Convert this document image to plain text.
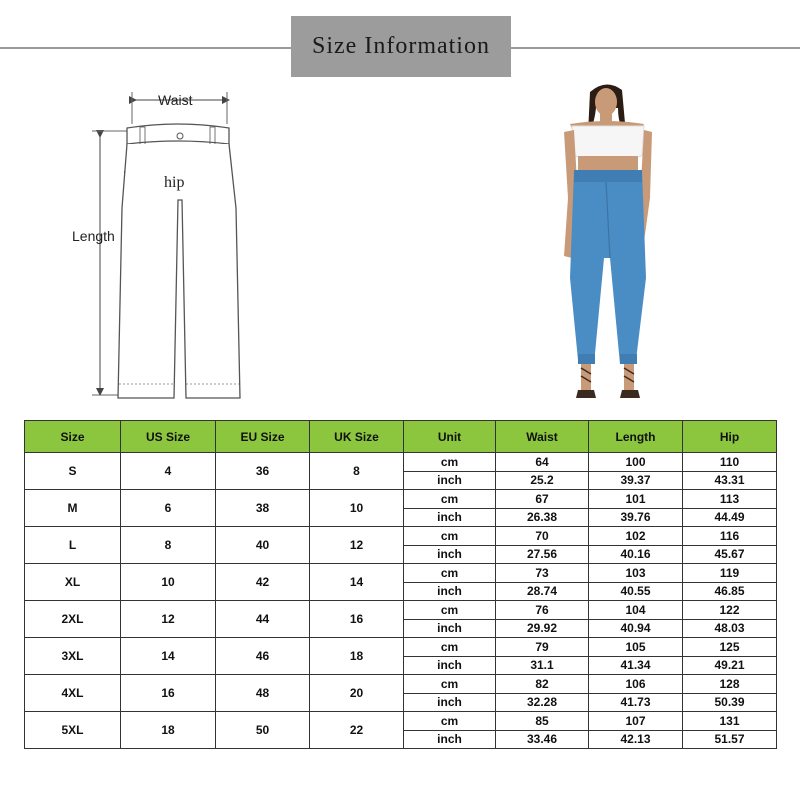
Size Information
Waist
hip
Length
Size	US Size	EU Size	UK Size	Unit	Waist	Length	Hip
S	4	36	8	cm	64	100	110
				inch	25.2	39.37	43.31
M	6	38	10	cm	67	101	113
				inch	26.38	39.76	44.49
L	8	40	12	cm	70	102	116
				inch	27.56	40.16	45.67
XL	10	42	14	cm	73	103	119
				inch	28.74	40.55	46.85
2XL	12	44	16	cm	76	104	122
				inch	29.92	40.94	48.03
3XL	14	46	18	cm	79	105	125
				inch	31.1	41.34	49.21
4XL	16	48	20	cm	82	106	128
				inch	32.28	41.73	50.39
5XL	18	50	22	cm	85	107	131
				inch	33.46	42.13	51.57
